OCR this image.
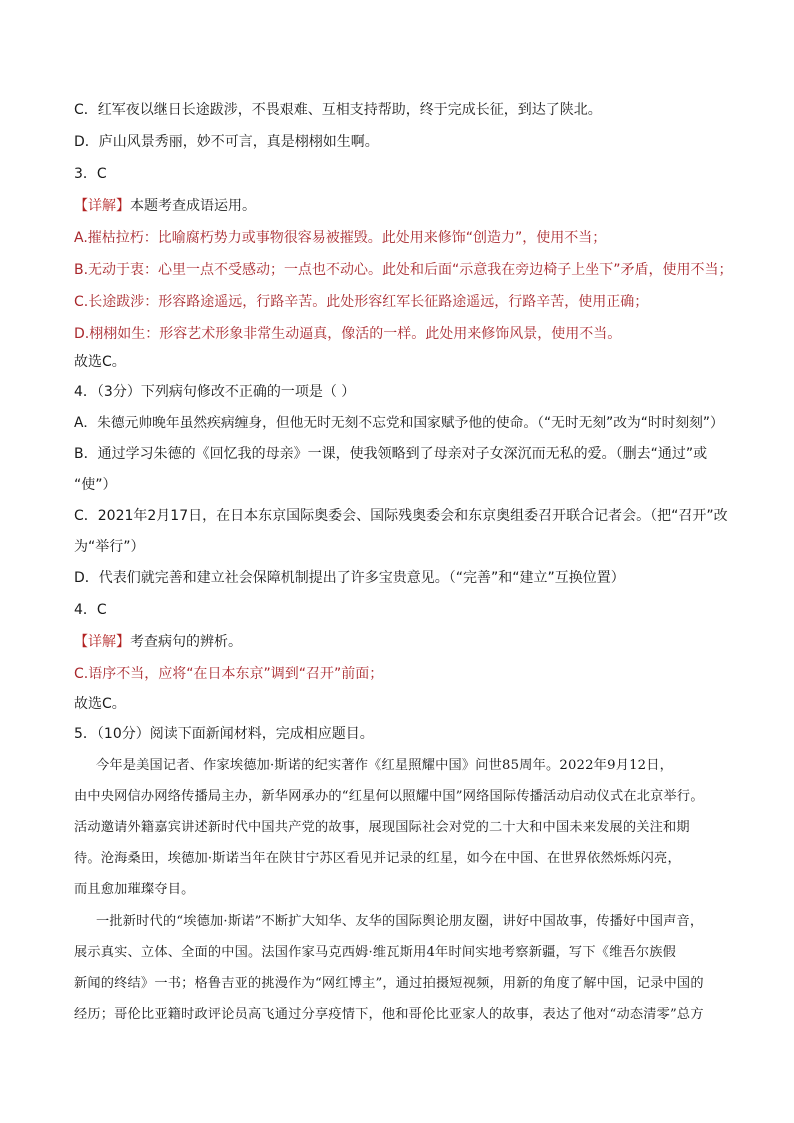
C．红军夜以继日长途跋涉，不畏艰难、互相支持帮助，终于完成长征，到达了陕北。
D．庐山风景秀丽，妙不可言，真是栩栩如生啊。
3．C
【详解】本题考查成语运用。
A.摧枯拉朽：比喻腐朽势力或事物很容易被摧毁。此处用来修饰“创造力”，使用不当；
B.无动于衷：心里一点不受感动；一点也不动心。此处和后面“示意我在旁边椅子上坐下”矛盾，使用不当；
C.长途跋涉：形容路途遥远，行路辛苦。此处形容红军长征路途遥远，行路辛苦，使用正确；
D.栩栩如生：形容艺术形象非常生动逼真，像活的一样。此处用来修饰风景，使用不当。
故选C。
4．（3分）下列病句修改不正确的一项是（ ）
A．朱德元帅晚年虽然疾病缠身，但他无时无刻不忘党和国家赋予他的使命。（“无时无刻”改为“时时刻刻”）
B．通过学习朱德的《回忆我的母亲》一课，使我领略到了母亲对子女深沉而无私的爱。（删去“通过”或
“使”）
C．2021年2月17日，在日本东京国际奥委会、国际残奥委会和东京奥组委召开联合记者会。（把“召开”改
为“举行”）
D．代表们就完善和建立社会保障机制提出了许多宝贵意见。（“完善”和“建立”互换位置）
4．C
【详解】考查病句的辨析。
C.语序不当，应将“在日本东京”调到“召开”前面；
故选C。
5．（10分）阅读下面新闻材料，完成相应题目。
今年是美国记者、作家埃德加·斯诺的纪实著作《红星照耀中国》问世85周年。2022年9月12日，
由中央网信办网络传播局主办，新华网承办的“红星何以照耀中国”网络国际传播活动启动仪式在北京举行。
活动邀请外籍嘉宾讲述新时代中国共产党的故事，展现国际社会对党的二十大和中国未来发展的关注和期
待。沧海桑田，埃德加·斯诺当年在陕甘宁苏区看见并记录的红星，如今在中国、在世界依然烁烁闪亮，
而且愈加璀璨夺目。
一批新时代的“埃德加·斯诺”不断扩大知华、友华的国际舆论朋友圈，讲好中国故事，传播好中国声音，
展示真实、立体、全面的中国。法国作家马克西姆·维瓦斯用4年时间实地考察新疆，写下《维吾尔族假
新闻的终结》一书；格鲁吉亚的挑漫作为“网红博主”，通过拍摄短视频，用新的角度了解中国，记录中国的
经历；哥伦比亚籍时政评论员高飞通过分享疫情下，他和哥伦比亚家人的故事，表达了他对“动态清零”总方
